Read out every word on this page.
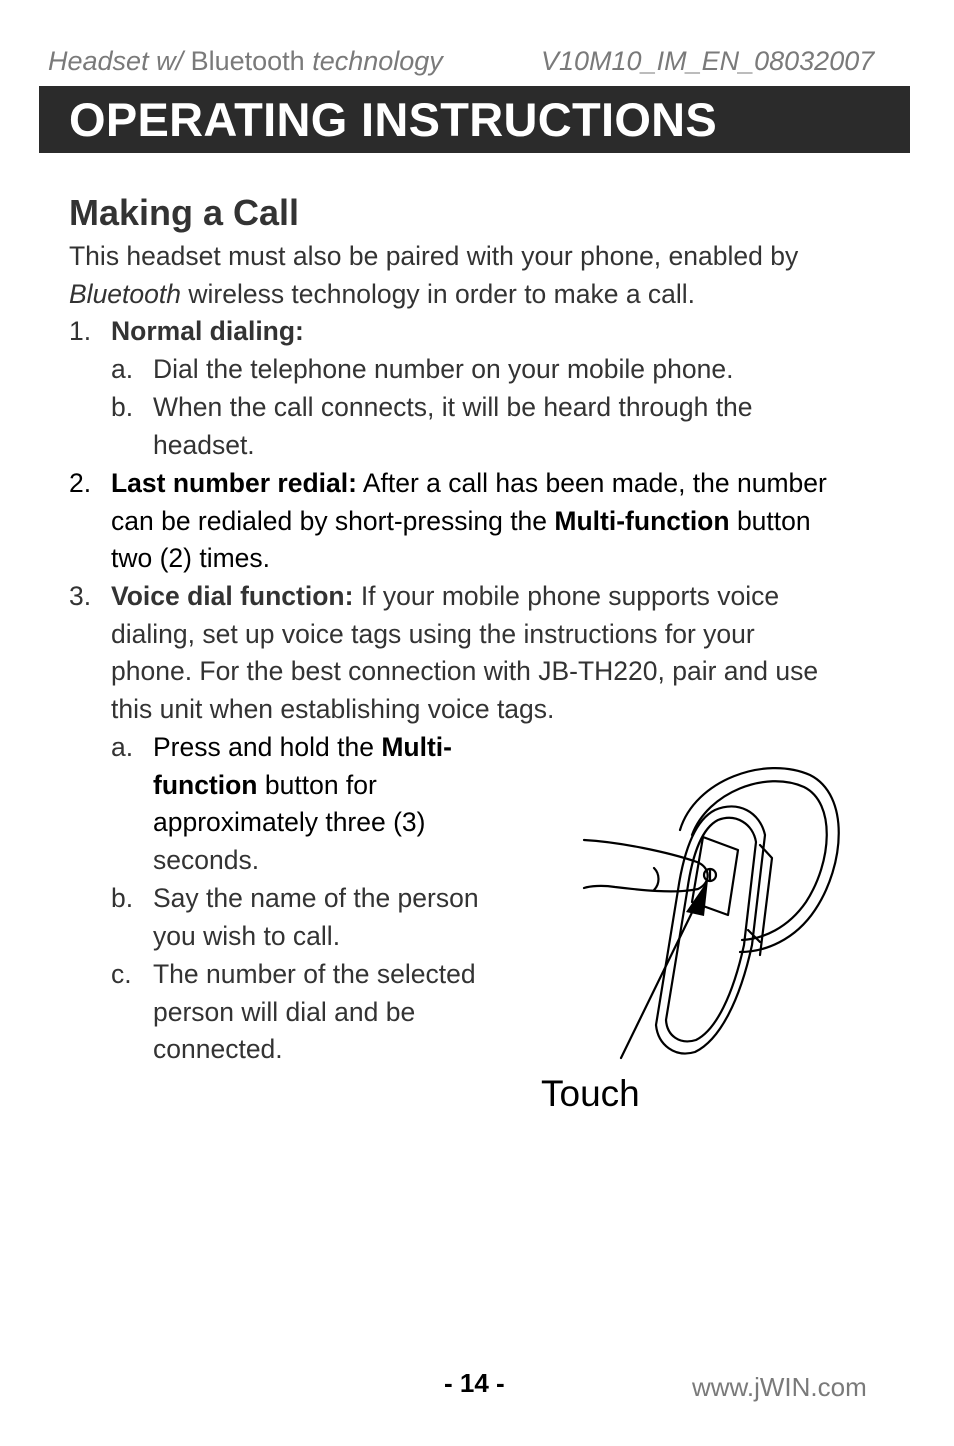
Headset w/ Bluetooth technology	V10M10_IM_EN_08032007
OPERATING INSTRUCTIONS
Making a Call
This headset must also be paired with your phone, enabled by
Bluetooth wireless technology in order to make a call.
1. Normal dialing:
a. Dial the telephone number on your mobile phone.
b. When the call connects, it will be heard through the
headset.
2. Last number redial: After a call has been made, the number
can be redialed by short-pressing the Multi-function button
two (2) times.
3. Voice dial function: If your mobile phone supports voice
dialing, set up voice tags using the instructions for your
phone. For the best connection with JB-TH220, pair and use
this unit when establishing voice tags.
a. Press and hold the Multi-
function button for
approximately three (3)
seconds.
b. Say the name of the person
you wish to call.
c. The number of the selected
person will dial and be
connected.
Touch
- 14 -	www.jWIN.com
